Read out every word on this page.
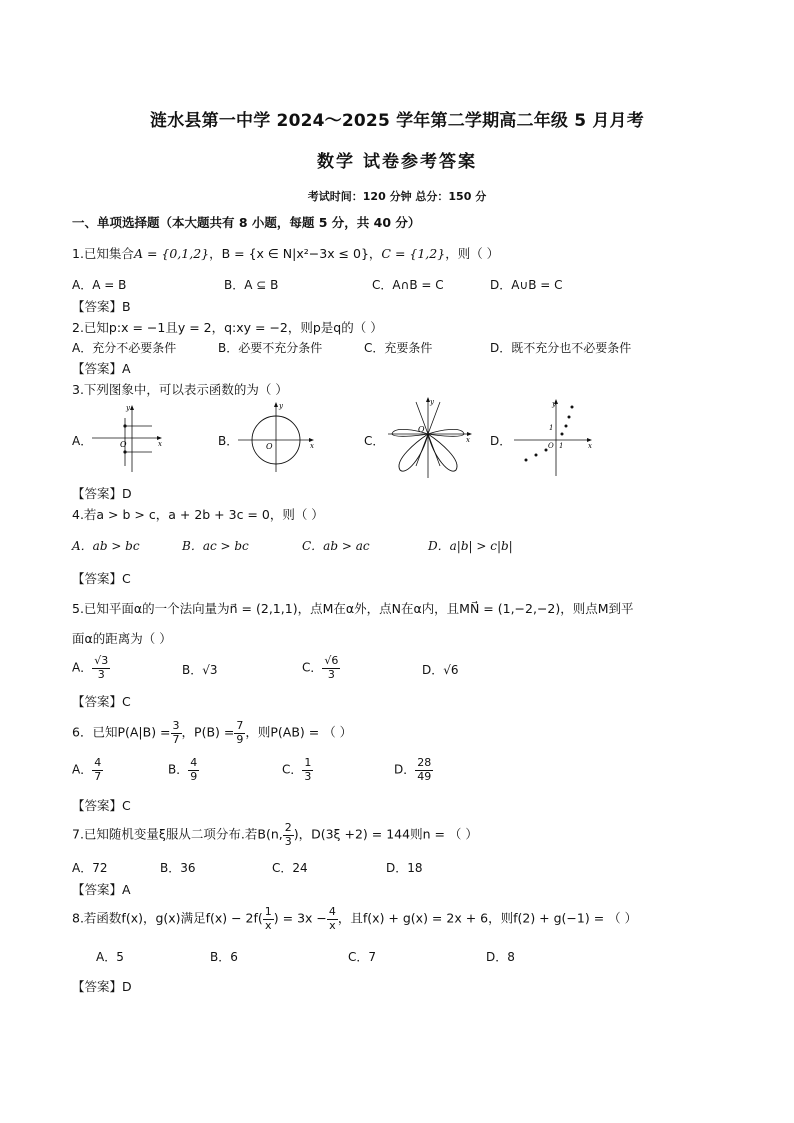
涟水县第一中学 2024～2025 学年第二学期高二年级 5 月月考
数学 试卷参考答案
考试时间：120 分钟 总分：150 分
一、单项选择题（本大题共有 8 小题，每题 5 分，共 40 分）
1.已知集合A = {0,1,2}，B = {x ∈ N|x²−3x ≤ 0}，C = {1,2}，则（ ）
A．A = B	B．A ⊆ B	C．A∩B = C	D．A∪B = C
【答案】B
2.已知p:x = −1且y = 2，q:xy = −2，则p是q的（ ）
A．充分不必要条件	B．必要不充分条件	C．充要条件	D．既不充分也不必要条件
【答案】A
3.下列图象中，可以表示函数的为（ ）
A．	B．	C．	D．
y
x
O
y
x
O
y
x
O
y
x
O
1
1
【答案】D
4.若a > b > c，a + 2b + 3c = 0，则（ ）
A．ab > bc	B．ac > bc	C．ab > ac	D．a|b| > c|b|
【答案】C
5.已知平面α的一个法向量为n⃗ = (2,1,1)，点M在α外，点N在α内，且MN⃗ = (1,−2,−2)，则点M到平
面α的距离为（ ）
A． $\frac{√3}{3}$	B．√3	C． $\frac{√6}{3}$	D．√6
【答案】C
6．已知$P(A|B) = \frac{3}{7}$ ，$P(B) = \frac{7}{9}$ ，则P(AB) = （ ）
A． $\frac{4}{7}$	B． $\frac{4}{9}$	C． $\frac{1}{3}$	D． $\frac{28}{49}$
【答案】C
7.已知随机变量ξ服从二项分布.若B(n, $\frac{2}{3}$ )，D(3ξ +2) = 144则n = （ ）
A．72	B．36	C．24	D．18
【答案】A
8.若函数f(x)，g(x)满足$f(x) - 2f( \frac{1}{x}$ ) = $3x - \frac{4}{x}$ ，且f(x) + g(x) = 2x + 6，则f(2) + g(−1) = （ ）
A．5	B．6	C．7	D．8
【答案】D
